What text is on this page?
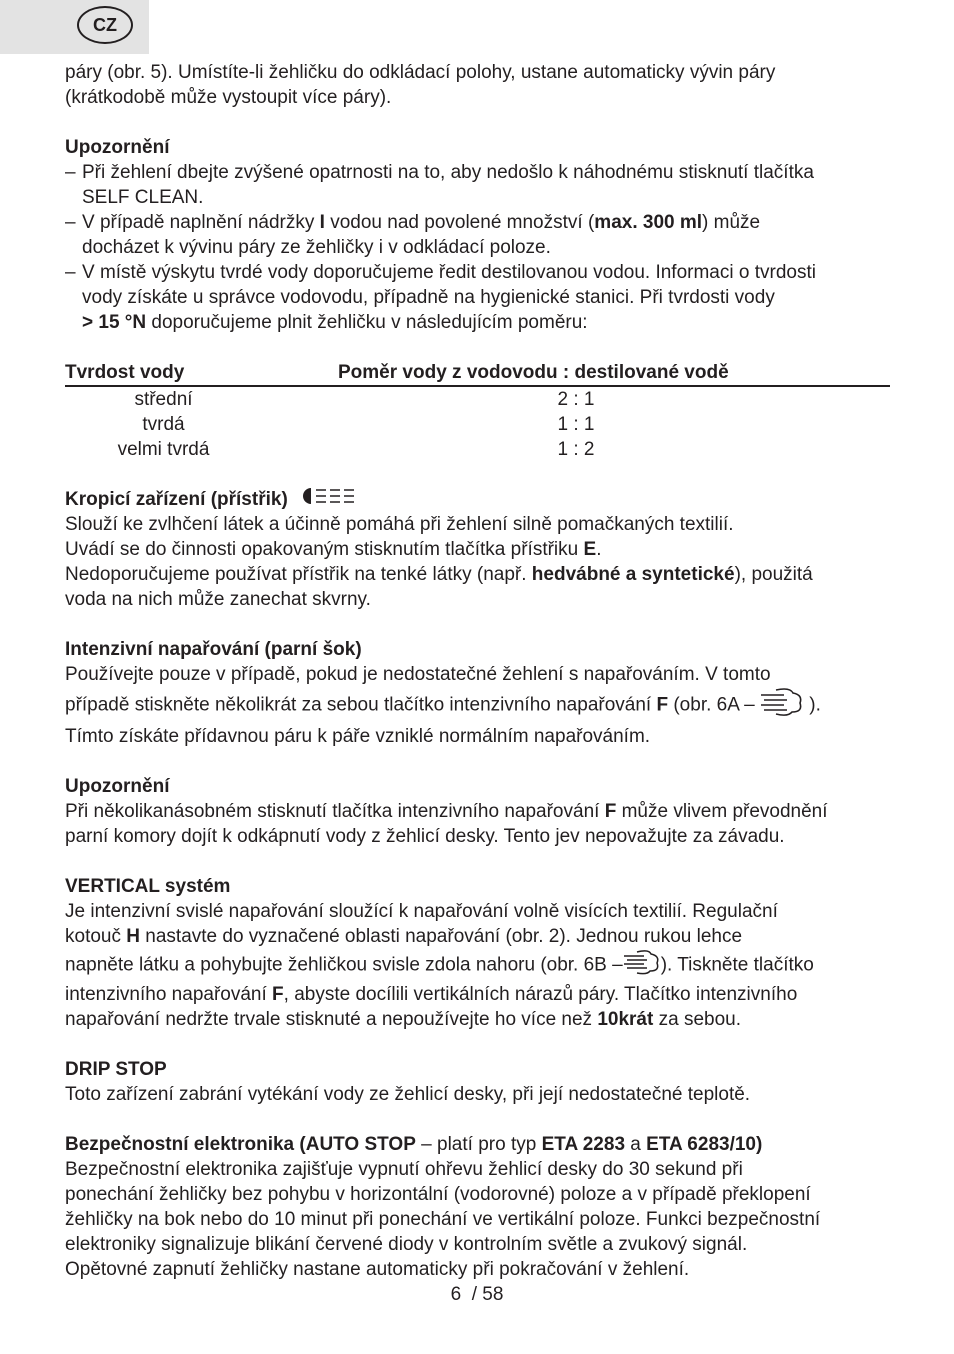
CZ

páry (obr. 5). Umístíte-li žehličku do odkládací polohy, ustane automaticky vývin páry

(krátkodobě může vystoupit více páry).

Upozornění

– Při žehlení dbejte zvýšené opatrnosti na to, aby nedošlo k náhodnému stisknutí tlačítka
SELF CLEAN.

– V případě naplnění nádržky I vodou nad povolené množství (max. 300 ml) může
docházet k vývinu páry ze žehličky i v odkládací poloze.

– V místě výskytu tvrdé vody doporučujeme ředit destilovanou vodou. Informaci o tvrdosti
vody získáte u správce vodovodu, případně na hygienické stanici. Při tvrdosti vody
> 15 °N doporučujeme plnit žehličku v následujícím poměru:

Tvrdost vody	Poměr vody z vodovodu : destilované vodě
střední	2 : 1
tvrdá	1 : 1
velmi tvrdá	1 : 2

Kropicí zařízení (přístřik)

Slouží ke zvlhčení látek a účinně pomáhá při žehlení silně pomačkaných textilií.

Uvádí se do činnosti opakovaným stisknutím tlačítka přístřiku E.

Nedoporučujeme používat přístřik na tenké látky (např. hedvábné a syntetické), použitá

voda na nich může zanechat skvrny.

Intenzivní napařování (parní šok)

Používejte pouze v případě, pokud je nedostatečné žehlení s napařováním. V tomto

případě stiskněte několikrát za sebou tlačítko intenzivního napařování F (obr. 6A –  ).

Tímto získáte přídavnou páru k páře vzniklé normálním napařováním.

Upozornění

Při několikanásobném stisknutí tlačítka intenzivního napařování F může vlivem převodnění

parní komory dojít k odkápnutí vody z žehlicí desky. Tento jev nepovažujte za závadu.

VERTICAL systém

Je intenzivní svislé napařování sloužící k napařování volně visících textilií. Regulační

kotouč H nastavte do vyznačené oblasti napařování (obr. 2). Jednou rukou lehce

napněte látku a pohybujte žehličkou svisle zdola nahoru (obr. 6B – ). Tiskněte tlačítko

intenzivního napařování F, abyste docílili vertikálních nárazů páry. Tlačítko intenzivního

napařování nedržte trvale stisknuté a nepoužívejte ho více než 10krát za sebou.

DRIP STOP

Toto zařízení zabrání vytékání vody ze žehlicí desky, při její nedostatečné teplotě.

Bezpečnostní elektronika (AUTO STOP – platí pro typ ETA 2283 a ETA 6283/10)

Bezpečnostní elektronika zajišťuje vypnutí ohřevu žehlicí desky do 30 sekund při

ponechání žehličky bez pohybu v horizontální (vodorovné) poloze a v případě překlopení

žehličky na bok nebo do 10 minut při ponechání ve vertikální poloze. Funkci bezpečnostní

elektroniky signalizuje blikání červené diody v kontrolním světle a zvukový signál.

Opětovné zapnutí žehličky nastane automaticky při pokračování v žehlení.

6  / 58
